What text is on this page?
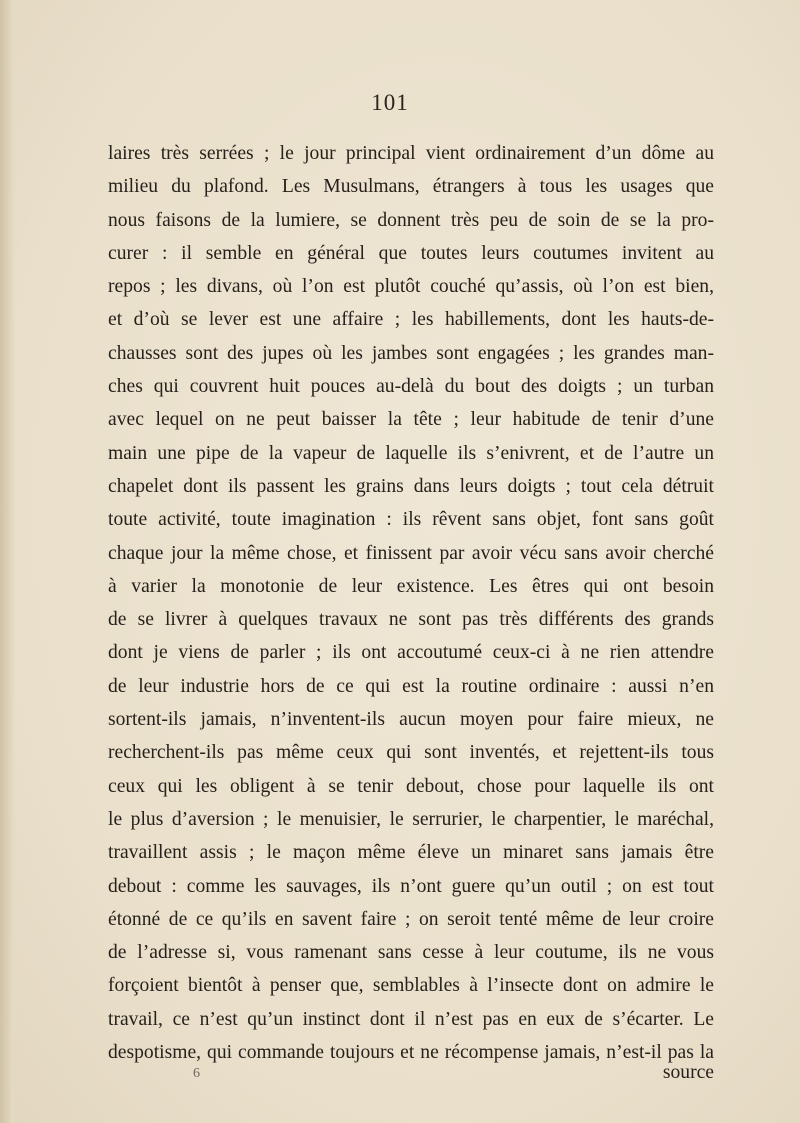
101
laires très serrées ; le jour principal vient ordinairement d’un dôme au
milieu du plafond. Les Musulmans, étrangers à tous les usages que
nous faisons de la lumiere, se donnent très peu de soin de se la pro-
curer : il semble en général que toutes leurs coutumes invitent au
repos ; les divans, où l’on est plutôt couché qu’assis, où l’on est bien,
et d’où se lever est une affaire ; les habillements, dont les hauts-de-
chausses sont des jupes où les jambes sont engagées ; les grandes man-
ches qui couvrent huit pouces au-delà du bout des doigts ; un turban
avec lequel on ne peut baisser la tête ; leur habitude de tenir d’une
main une pipe de la vapeur de laquelle ils s’enivrent, et de l’autre un
chapelet dont ils passent les grains dans leurs doigts ; tout cela détruit
toute activité, toute imagination : ils rêvent sans objet, font sans goût
chaque jour la même chose, et finissent par avoir vécu sans avoir cherché
à varier la monotonie de leur existence. Les êtres qui ont besoin
de se livrer à quelques travaux ne sont pas très différents des grands
dont je viens de parler ; ils ont accoutumé ceux-ci à ne rien attendre
de leur industrie hors de ce qui est la routine ordinaire : aussi n’en
sortent-ils jamais, n’inventent-ils aucun moyen pour faire mieux, ne
recherchent-ils pas même ceux qui sont inventés, et rejettent-ils tous
ceux qui les obligent à se tenir debout, chose pour laquelle ils ont
le plus d’aversion ; le menuisier, le serrurier, le charpentier, le maréchal,
travaillent assis ; le maçon même éleve un minaret sans jamais être
debout : comme les sauvages, ils n’ont guere qu’un outil ; on est tout
étonné de ce qu’ils en savent faire ; on seroit tenté même de leur croire
de l’adresse si, vous ramenant sans cesse à leur coutume, ils ne vous
forçoient bientôt à penser que, semblables à l’insecte dont on admire le
travail, ce n’est qu’un instinct dont il n’est pas en eux de s’écarter. Le
despotisme, qui commande toujours et ne récompense jamais, n’est-il pas la
6	source
